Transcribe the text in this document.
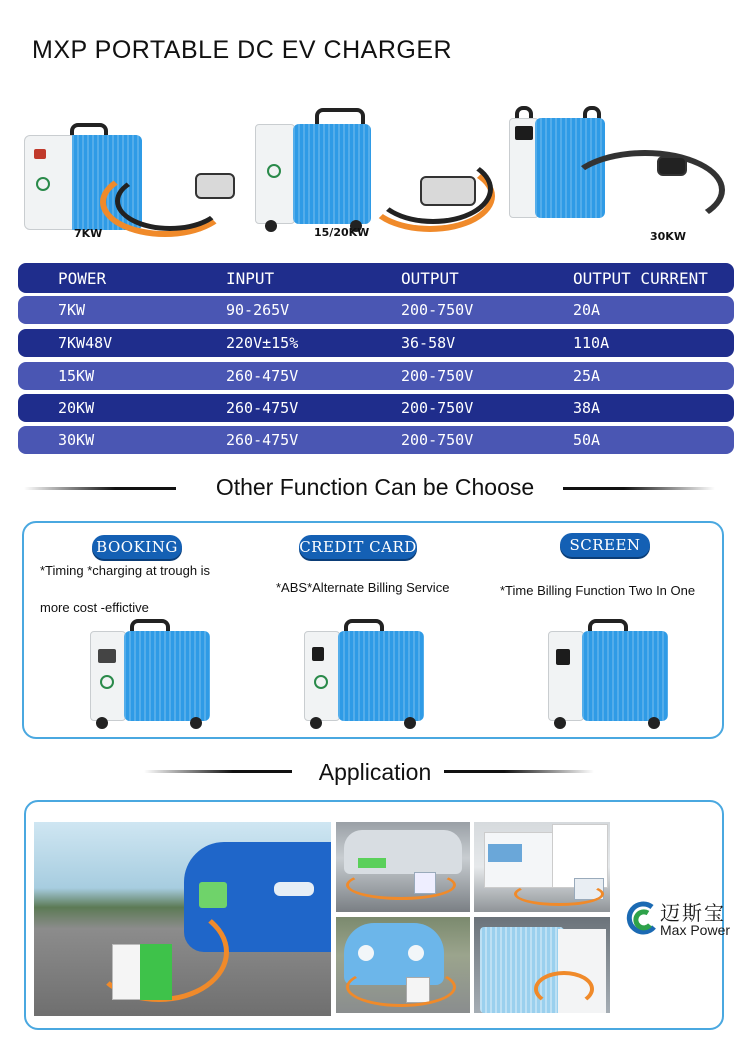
MXP PORTABLE DC EV CHARGER
7KW	15/20KW	30KW
POWER	INPUT	OUTPUT	OUTPUT CURRENT
7KW	90-265V	200-750V	20A
7KW48V	220V±15%	36-58V	110A
15KW	260-475V	200-750V	25A
20KW	260-475V	200-750V	38A
30KW	260-475V	200-750V	50A
Other Function Can be Choose
BOOKING	CREDIT CARD	SCREEN
*Timing *charging at trough is
more cost -effictive
*ABS*Alternate Billing Service	*Time Billing Function Two In One
Application
迈斯宝
Max Power
